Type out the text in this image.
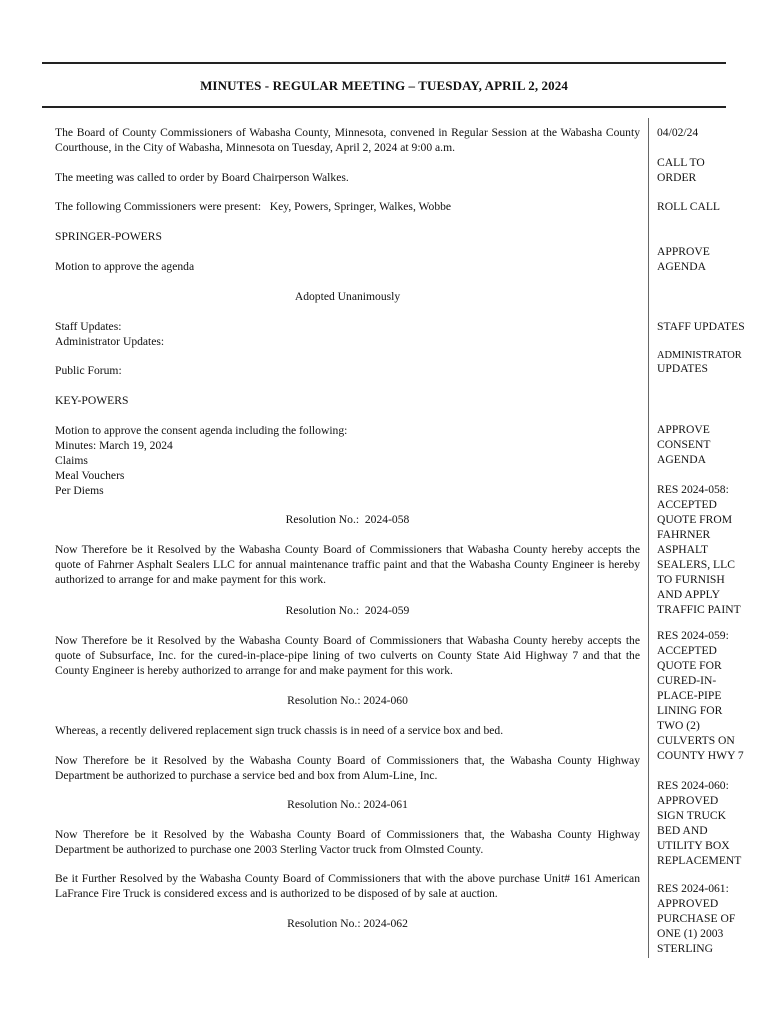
MINUTES - REGULAR MEETING – TUESDAY, APRIL 2, 2024

The Board of County Commissioners of Wabasha County, Minnesota, convened in Regular Session at the Wabasha County Courthouse, in the City of Wabasha, Minnesota on Tuesday, April 2, 2024 at 9:00 a.m.

The meeting was called to order by Board Chairperson Walkes.

The following Commissioners were present:   Key, Powers, Springer, Walkes, Wobbe

SPRINGER-POWERS

Motion to approve the agenda

Adopted Unanimously

Staff Updates:

Administrator Updates:

Public Forum:

KEY-POWERS

Motion to approve the consent agenda including the following:

Minutes: March 19, 2024

Claims

Meal Vouchers

Per Diems

Resolution No.:  2024-058

Now Therefore be it Resolved by the Wabasha County Board of Commissioners that Wabasha County hereby accepts the quote of Fahrner Asphalt Sealers LLC for annual maintenance traffic paint and that the Wabasha County Engineer is hereby authorized to arrange for and make payment for this work.

Resolution No.:  2024-059

Now Therefore be it Resolved by the Wabasha County Board of Commissioners that Wabasha County hereby accepts the quote of Subsurface, Inc. for the cured-in-place-pipe lining of two culverts on County State Aid Highway 7 and that the County Engineer is hereby authorized to arrange for and make payment for this work.

Resolution No.: 2024-060

Whereas, a recently delivered replacement sign truck chassis is in need of a service box and bed.

Now Therefore be it Resolved by the Wabasha County Board of Commissioners that, the Wabasha County Highway Department be authorized to purchase a service bed and box from Alum-Line, Inc.

Resolution No.: 2024-061

Now Therefore be it Resolved by the Wabasha County Board of Commissioners that, the Wabasha County Highway Department be authorized to purchase one 2003 Sterling Vactor truck from Olmsted County.

Be it Further Resolved by the Wabasha County Board of Commissioners that with the above purchase Unit# 161 American LaFrance Fire Truck is considered excess and is authorized to be disposed of by sale at auction.

Resolution No.: 2024-062

04/02/24

CALL TO
ORDER

ROLL CALL

APPROVE
AGENDA

STAFF UPDATES

ADMINISTRATOR

UPDATES

APPROVE
CONSENT
AGENDA

RES 2024-058:
ACCEPTED
QUOTE FROM
FAHRNER
ASPHALT
SEALERS, LLC
TO FURNISH
AND APPLY
TRAFFIC PAINT

RES 2024-059:
ACCEPTED
QUOTE FOR
CURED-IN-
PLACE-PIPE
LINING FOR
TWO (2)
CULVERTS ON
COUNTY HWY 7

RES 2024-060:
APPROVED
SIGN TRUCK
BED AND
UTILITY BOX
REPLACEMENT

RES 2024-061:
APPROVED
PURCHASE OF
ONE (1) 2003
STERLING
